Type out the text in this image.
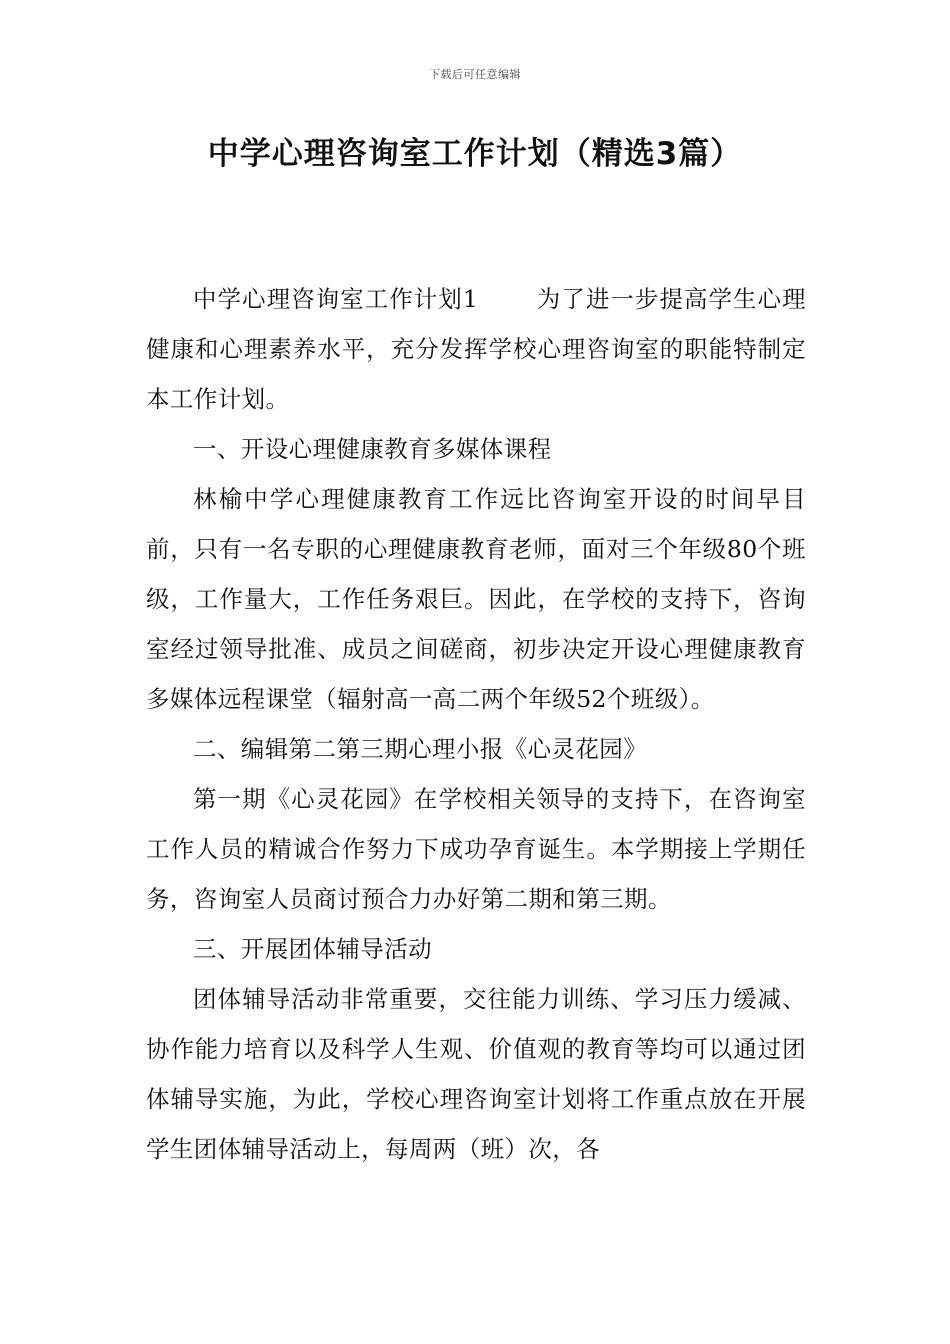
下载后可任意编辑
中学心理咨询室工作计划（精选3篇）

中学心理咨询室工作计划1 为了进一步提高学生心理健康和心理素养水平，充分发挥学校心理咨询室的职能特制定本工作计划。

一、开设心理健康教育多媒体课程

林榆中学心理健康教育工作远比咨询室开设的时间早目前，只有一名专职的心理健康教育老师，面对三个年级80个班级，工作量大，工作任务艰巨。因此，在学校的支持下，咨询室经过领导批准、成员之间磋商，初步决定开设心理健康教育多媒体远程课堂（辐射高一高二两个年级52个班级）。

二、编辑第二第三期心理小报《心灵花园》

第一期《心灵花园》在学校相关领导的支持下，在咨询室工作人员的精诚合作努力下成功孕育诞生。本学期接上学期任务，咨询室人员商讨预合力办好第二期和第三期。

三、开展团体辅导活动

团体辅导活动非常重要，交往能力训练、学习压力缓减、协作能力培育以及科学人生观、价值观的教育等均可以通过团体辅导实施，为此，学校心理咨询室计划将工作重点放在开展学生团体辅导活动上，每周两（班）次，各
